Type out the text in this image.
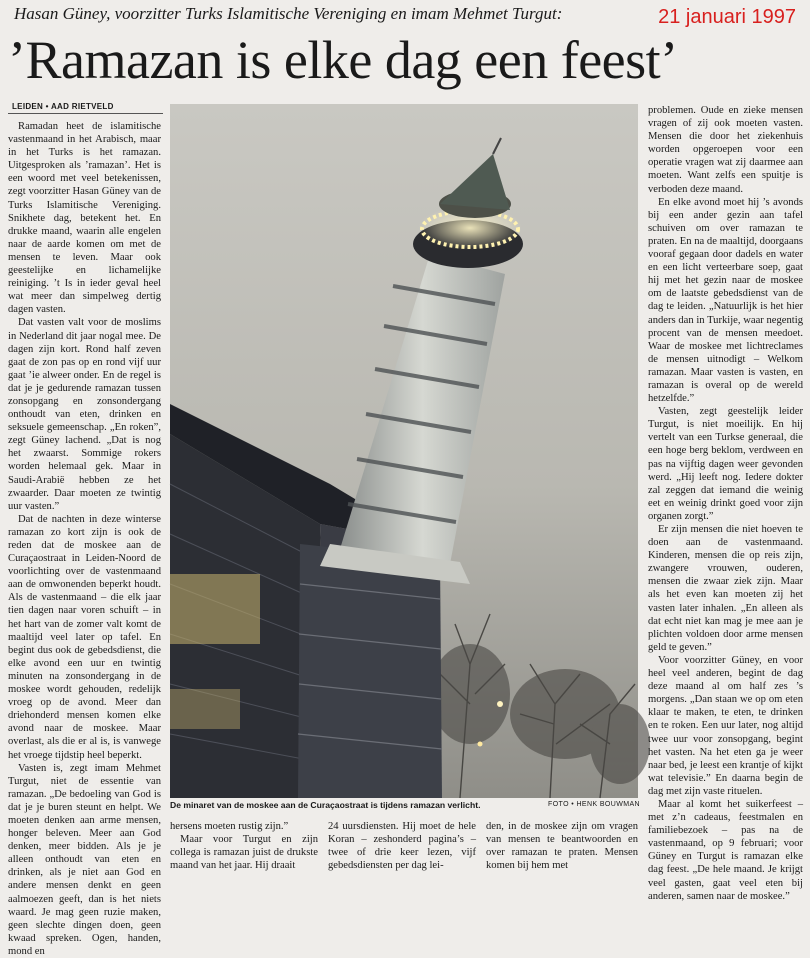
Hasan Güney, voorzitter Turks Islamitische Vereniging en imam Mehmet Turgut:	21 januari 1997
’Ramazan is elke dag een feest’
LEIDEN • AAD RIETVELD

Ramadan heet de islamitische vastenmaand in het Arabisch, maar in het Turks is het ramazan. Uitgesproken als ’ramazan’. Het is een woord met veel betekenissen, zegt voorzitter Hasan Güney van de Turks Islamitische Vereniging. Snikhete dag, betekent het. En drukke maand, waarin alle engelen naar de aarde komen om met de mensen te leven. Maar ook geestelijke en lichamelijke reiniging. ’t Is in ieder geval heel wat meer dan simpelweg dertig dagen vasten.

Dat vasten valt voor de moslims in Nederland dit jaar nogal mee. De dagen zijn kort. Rond half zeven gaat de zon pas op en rond vijf uur gaat ’ie alweer onder. En de regel is dat je je gedurende ramazan tussen zonsopgang en zonsondergang onthoudt van eten, drinken en seksuele gemeenschap. „En roken”, zegt Güney lachend. „Dat is nog het zwaarst. Sommige rokers worden helemaal gek. Maar in Saudi-Arabië hebben ze het zwaarder. Daar moeten ze twintig uur vasten.”

Dat de nachten in deze winterse ramazan zo kort zijn is ook de reden dat de moskee aan de Curaçaostraat in Leiden-Noord de voorlichting over de vastenmaand aan de omwonenden beperkt houdt. Als de vastenmaand – die elk jaar tien dagen naar voren schuift – in het hart van de zomer valt komt de maaltijd veel later op tafel. En begint dus ook de gebedsdienst, die elke avond een uur en twintig minuten na zonsondergang in de moskee wordt gehouden, redelijk vroeg op de avond. Meer dan driehonderd mensen komen elke avond naar de moskee. Maar overlast, als die er al is, is vanwege het vroege tijdstip heel beperkt.

Vasten is, zegt imam Mehmet Turgut, niet de essentie van ramazan. „De bedoeling van God is dat je je buren steunt en helpt. We moeten denken aan arme mensen, honger beleven. Meer aan God denken, meer bidden. Als je je alleen onthoudt van eten en drinken, als je niet aan God en andere mensen denkt en geen aalmoezen geeft, dan is het niets waard. Je mag geen ruzie maken, geen slechte dingen doen, geen kwaad spreken. Ogen, handen, mond en

De minaret van de moskee aan de Curaçaostraat is tijdens ramazan verlicht.	FOTO • HENK BOUWMAN

hersens moeten rustig zijn.”

Maar voor Turgut en zijn collega is ramazan juist de drukste maand van het jaar. Hij draait

24 uursdiensten. Hij moet de hele Koran – zeshonderd pagina’s – twee of drie keer lezen, vijf gebedsdiensten per dag lei-

den, in de moskee zijn om vragen van mensen te beantwoorden en over ramazan te praten. Mensen komen bij hem met

problemen. Oude en zieke mensen vragen of zij ook moeten vasten. Mensen die door het ziekenhuis worden opgeroepen voor een operatie vragen wat zij daarmee aan moeten. Want zelfs een spuitje is verboden deze maand.

En elke avond moet hij ’s avonds bij een ander gezin aan tafel schuiven om over ramazan te praten. En na de maaltijd, doorgaans vooraf gegaan door dadels en water en een licht verteerbare soep, gaat hij met het gezin naar de moskee om de laatste gebedsdienst van de dag te leiden. „Natuurlijk is het hier anders dan in Turkije, waar negentig procent van de mensen meedoet. Waar de moskee met lichtreclames de mensen uitnodigt – Welkom ramazan. Maar vasten is vasten, en ramazan is overal op de wereld hetzelfde.”

Vasten, zegt geestelijk leider Turgut, is niet moeilijk. En hij vertelt van een Turkse generaal, die een hoge berg beklom, verdween en pas na vijftig dagen weer gevonden werd. „Hij leeft nog. Iedere dokter zal zeggen dat iemand die weinig eet en weinig drinkt goed voor zijn organen zorgt.”

Er zijn mensen die niet hoeven te doen aan de vastenmaand. Kinderen, mensen die op reis zijn, zwangere vrouwen, ouderen, mensen die zwaar ziek zijn. Maar als het even kan moeten zij het vasten later inhalen. „En alleen als dat echt niet kan mag je mee aan je plichten voldoen door arme mensen geld te geven.”

Voor voorzitter Güney, en voor heel veel anderen, begint de dag deze maand al om half zes ’s morgens. „Dan staan we op om eten klaar te maken, te eten, te drinken en te roken. Een uur later, nog altijd twee uur voor zonsopgang, begint het vasten. Na het eten ga je weer naar bed, je leest een krantje of kijkt wat televisie.” En daarna begin de dag met zijn vaste rituelen.

Maar al komt het suikerfeest – met z’n cadeaus, feestmalen en familiebezoek – pas na de vastenmaand, op 9 februari; voor Güney en Turgut is ramazan elke dag feest. „De hele maand. Je krijgt veel gasten, gaat veel eten bij anderen, samen naar de moskee.”
